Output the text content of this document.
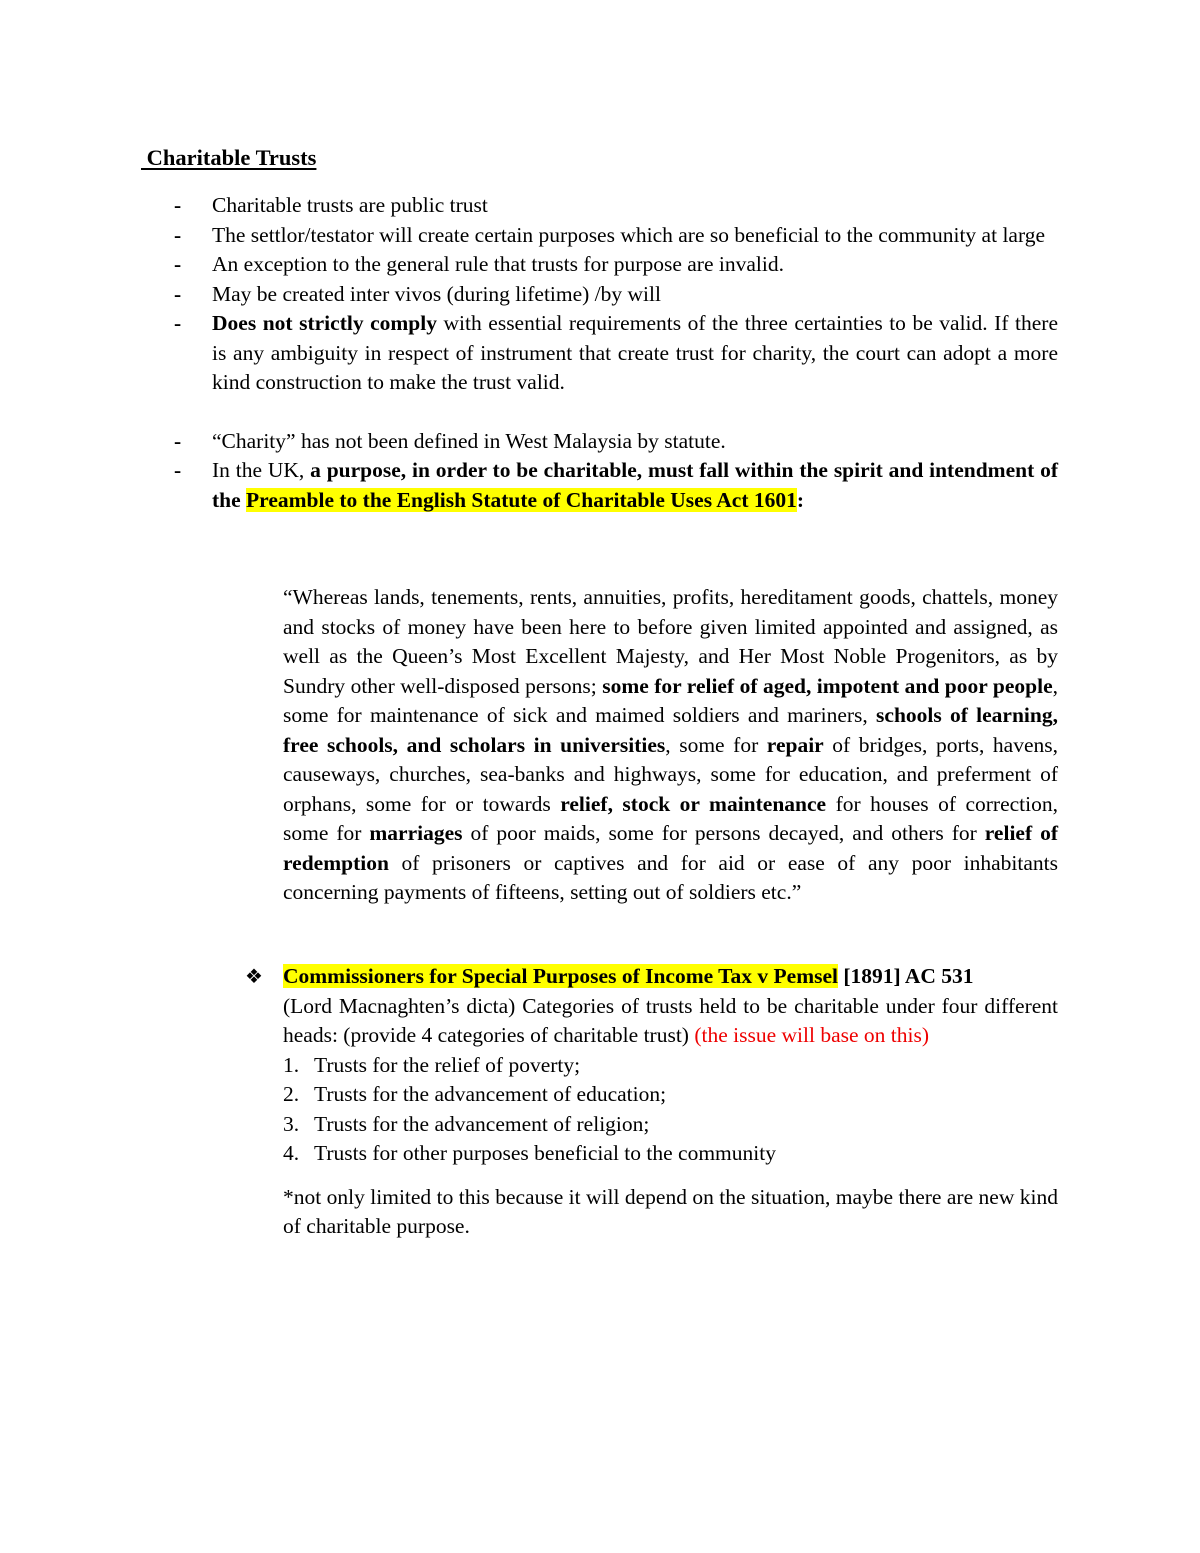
Charitable Trusts
- Charitable trusts are public trust
- The settlor/testator will create certain purposes which are so beneficial to the community at large
- An exception to the general rule that trusts for purpose are invalid.
- May be created inter vivos (during lifetime) /by will
- Does not strictly comply with essential requirements of the three certainties to be valid. If there is any ambiguity in respect of instrument that create trust for charity, the court can adopt a more kind construction to make the trust valid.
- “Charity” has not been defined in West Malaysia by statute.
- In the UK, a purpose, in order to be charitable, must fall within the spirit and intendment of the Preamble to the English Statute of Charitable Uses Act 1601:

“Whereas lands, tenements, rents, annuities, profits, hereditament goods, chattels, money and stocks of money have been here to before given limited appointed and assigned, as well as the Queen’s Most Excellent Majesty, and Her Most Noble Progenitors, as by Sundry other well-disposed persons; some for relief of aged, impotent and poor people, some for maintenance of sick and maimed soldiers and mariners, schools of learning, free schools, and scholars in universities, some for repair of bridges, ports, havens, causeways, churches, sea-banks and highways, some for education, and preferment of orphans, some for or towards relief, stock or maintenance for houses of correction, some for marriages of poor maids, some for persons decayed, and others for relief of redemption of prisoners or captives and for aid or ease of any poor inhabitants concerning payments of fifteens, setting out of soldiers etc.”

❖ Commissioners for Special Purposes of Income Tax v Pemsel [1891] AC 531
(Lord Macnaghten’s dicta) Categories of trusts held to be charitable under four different heads: (provide 4 categories of charitable trust) (the issue will base on this)
1. Trusts for the relief of poverty;
2. Trusts for the advancement of education;
3. Trusts for the advancement of religion;
4. Trusts for other purposes beneficial to the community
*not only limited to this because it will depend on the situation, maybe there are new kind of charitable purpose.
